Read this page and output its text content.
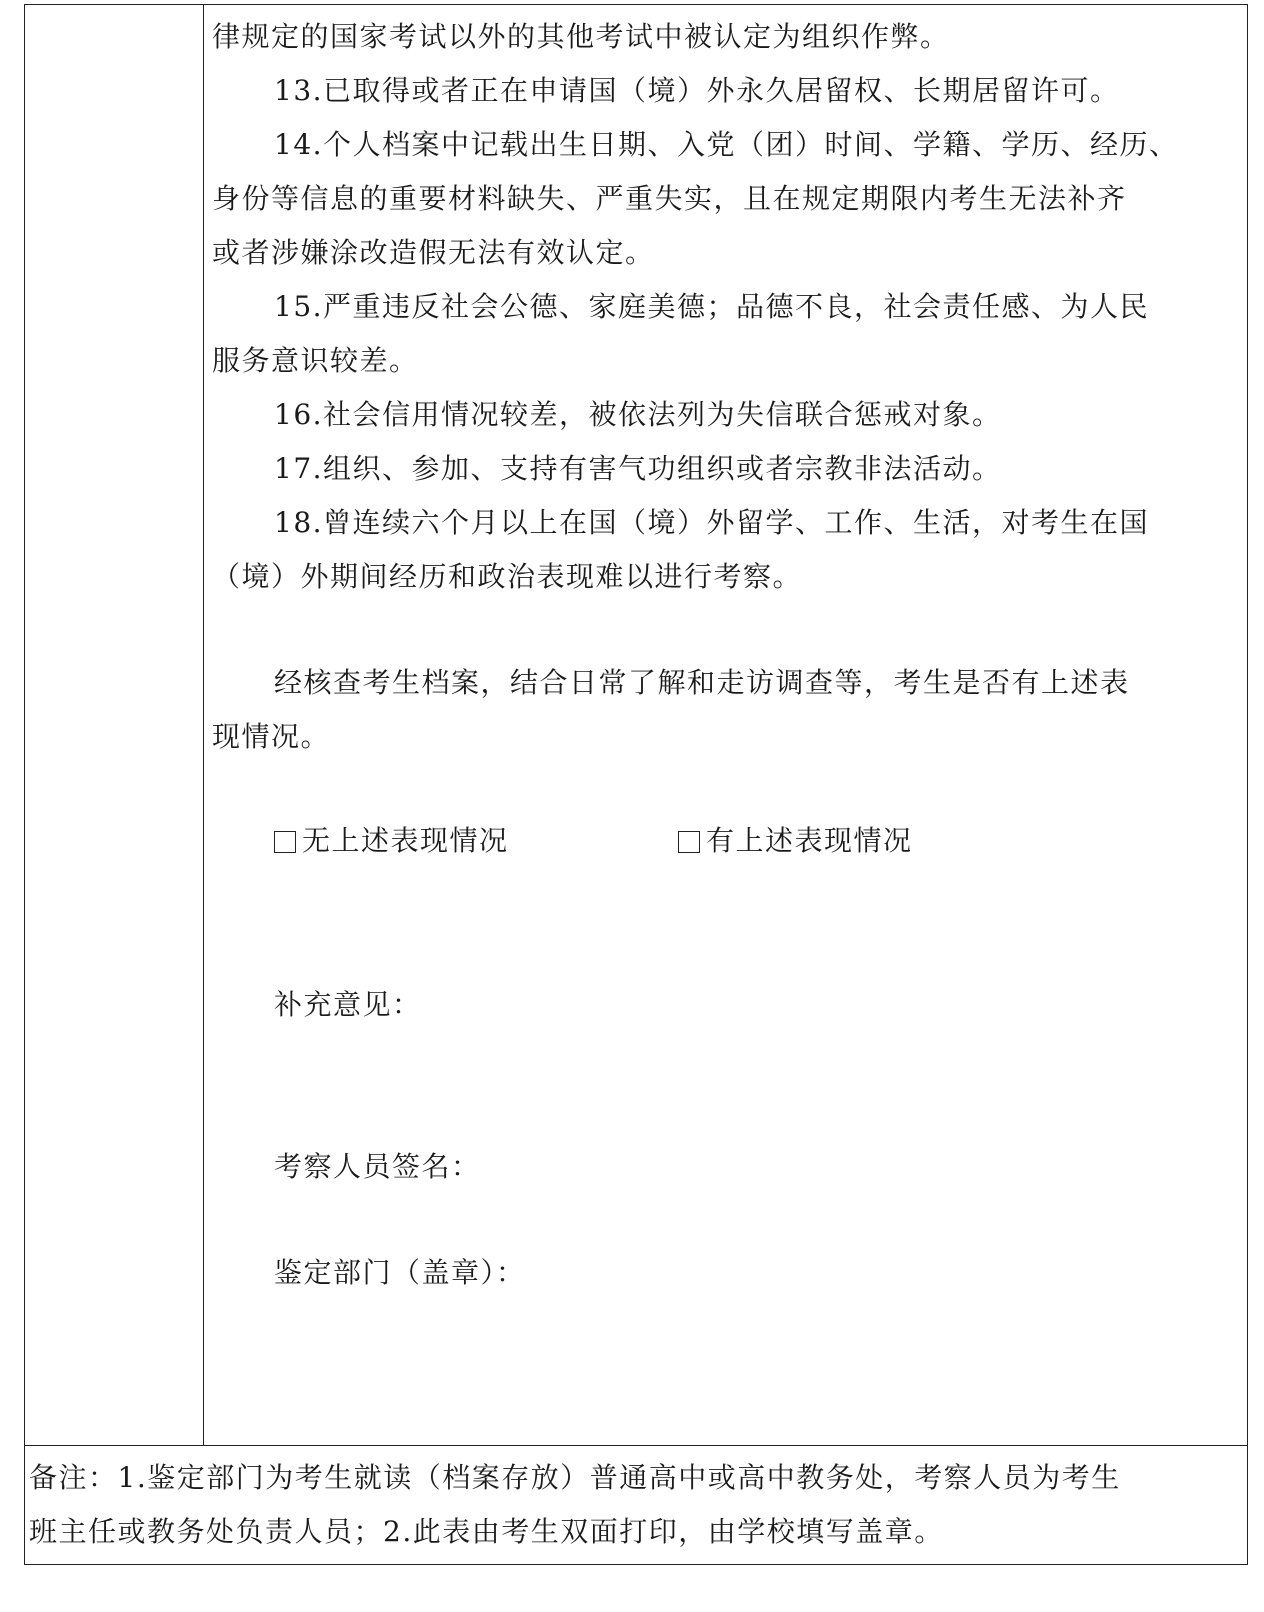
律规定的国家考试以外的其他考试中被认定为组织作弊。

13.已取得或者正在申请国（境）外永久居留权、长期居留许可。

14.个人档案中记载出生日期、入党（团）时间、学籍、学历、经历、

身份等信息的重要材料缺失、严重失实，且在规定期限内考生无法补齐

或者涉嫌涂改造假无法有效认定。

15.严重违反社会公德、家庭美德；品德不良，社会责任感、为人民

服务意识较差。

16.社会信用情况较差，被依法列为失信联合惩戒对象。

17.组织、参加、支持有害气功组织或者宗教非法活动。

18.曾连续六个月以上在国（境）外留学、工作、生活，对考生在国

（境）外期间经历和政治表现难以进行考察。

经核查考生档案，结合日常了解和走访调查等，考生是否有上述表

现情况。

无上述表现情况	有上述表现情况

补充意见：

考察人员签名：

鉴定部门（盖章）：

备注：1.鉴定部门为考生就读（档案存放）普通高中或高中教务处，考察人员为考生

班主任或教务处负责人员；2.此表由考生双面打印，由学校填写盖章。
